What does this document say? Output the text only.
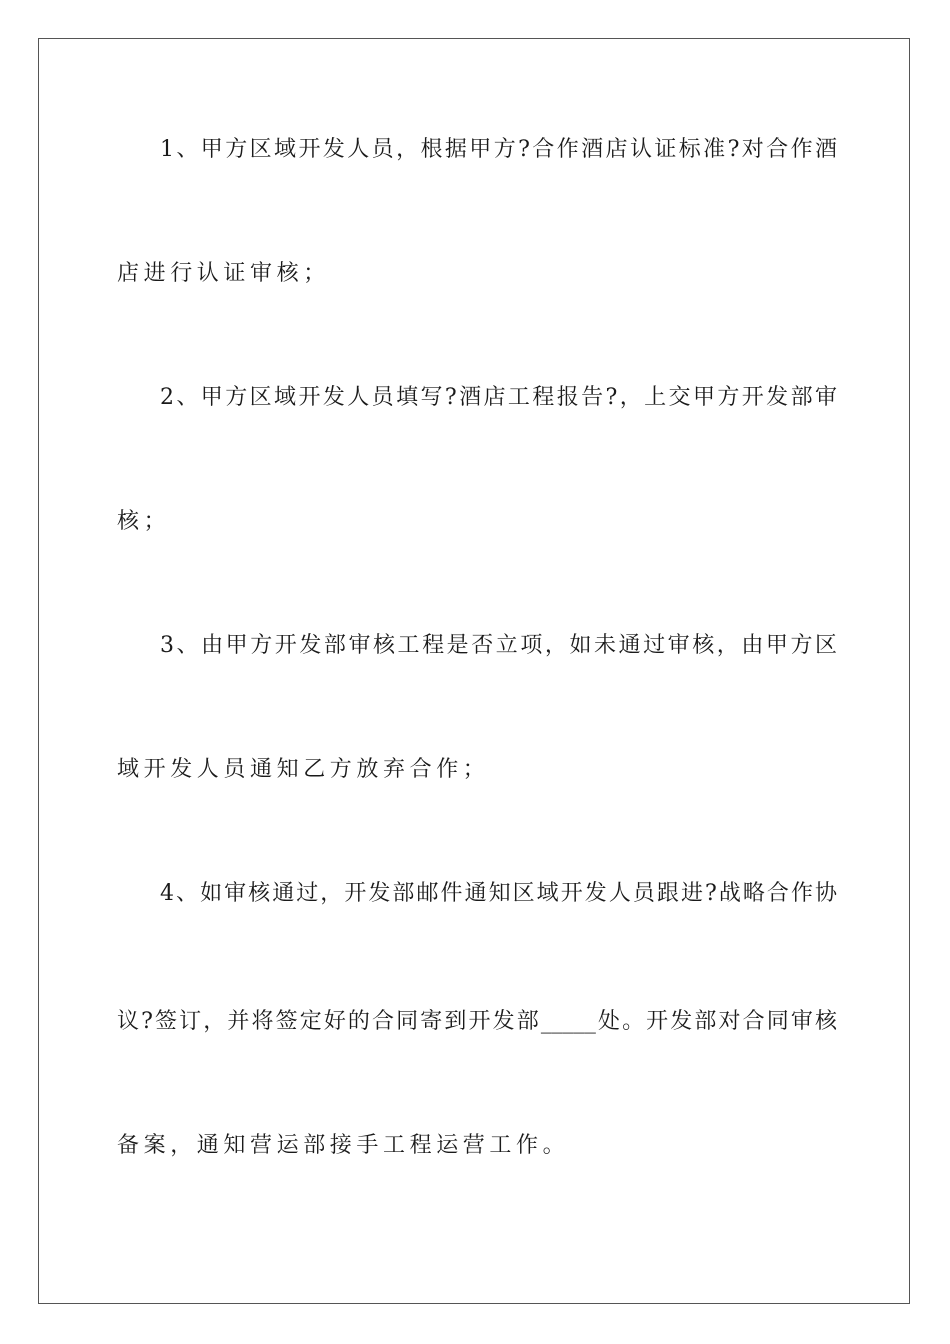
1、甲方区域开发人员，根据甲方?合作酒店认证标准?对合作酒
店进行认证审核；
2、甲方区域开发人员填写?酒店工程报告?，上交甲方开发部审
核；
3、由甲方开发部审核工程是否立项，如未通过审核，由甲方区
域开发人员通知乙方放弃合作；
4、如审核通过，开发部邮件通知区域开发人员跟进?战略合作协
议?签订，并将签定好的合同寄到开发部_____处。开发部对合同审核
备案，通知营运部接手工程运营工作。
